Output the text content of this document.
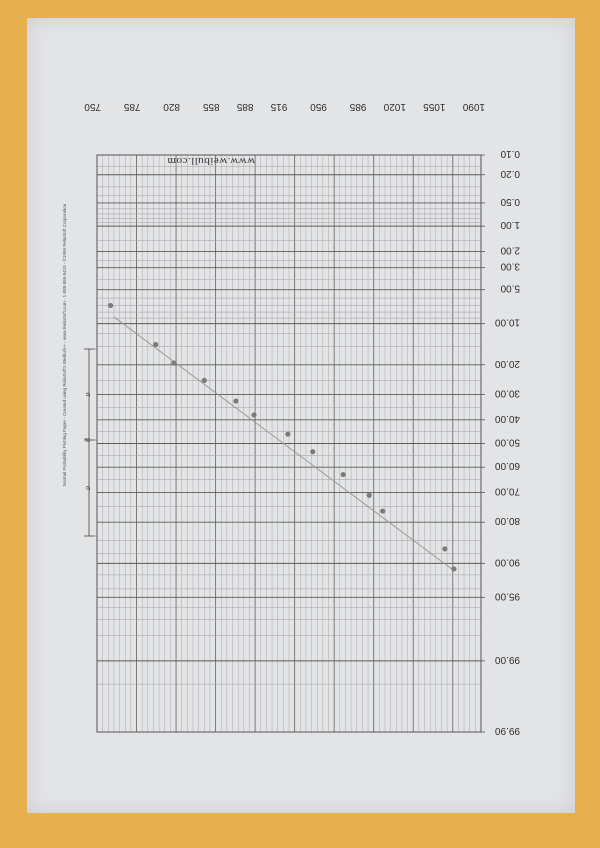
0.10
0.20
0.50
1.00
2.00
3.00
5.00
10.00
20.00
30.00
40.00
50.00
60.00
70.00
80.00
90.00
95.00
99.00
99.90
750 785 820 855 885 915 950 985 1020 1055 1090
σ
μ
σ
www.weibull.com
Normal Probability Plotting Paper - Created using ReliaSoft's Weibull++ - www.ReliaSoft.com - 1-888-886-0410 - ©1999 ReliaSoft Corporation
